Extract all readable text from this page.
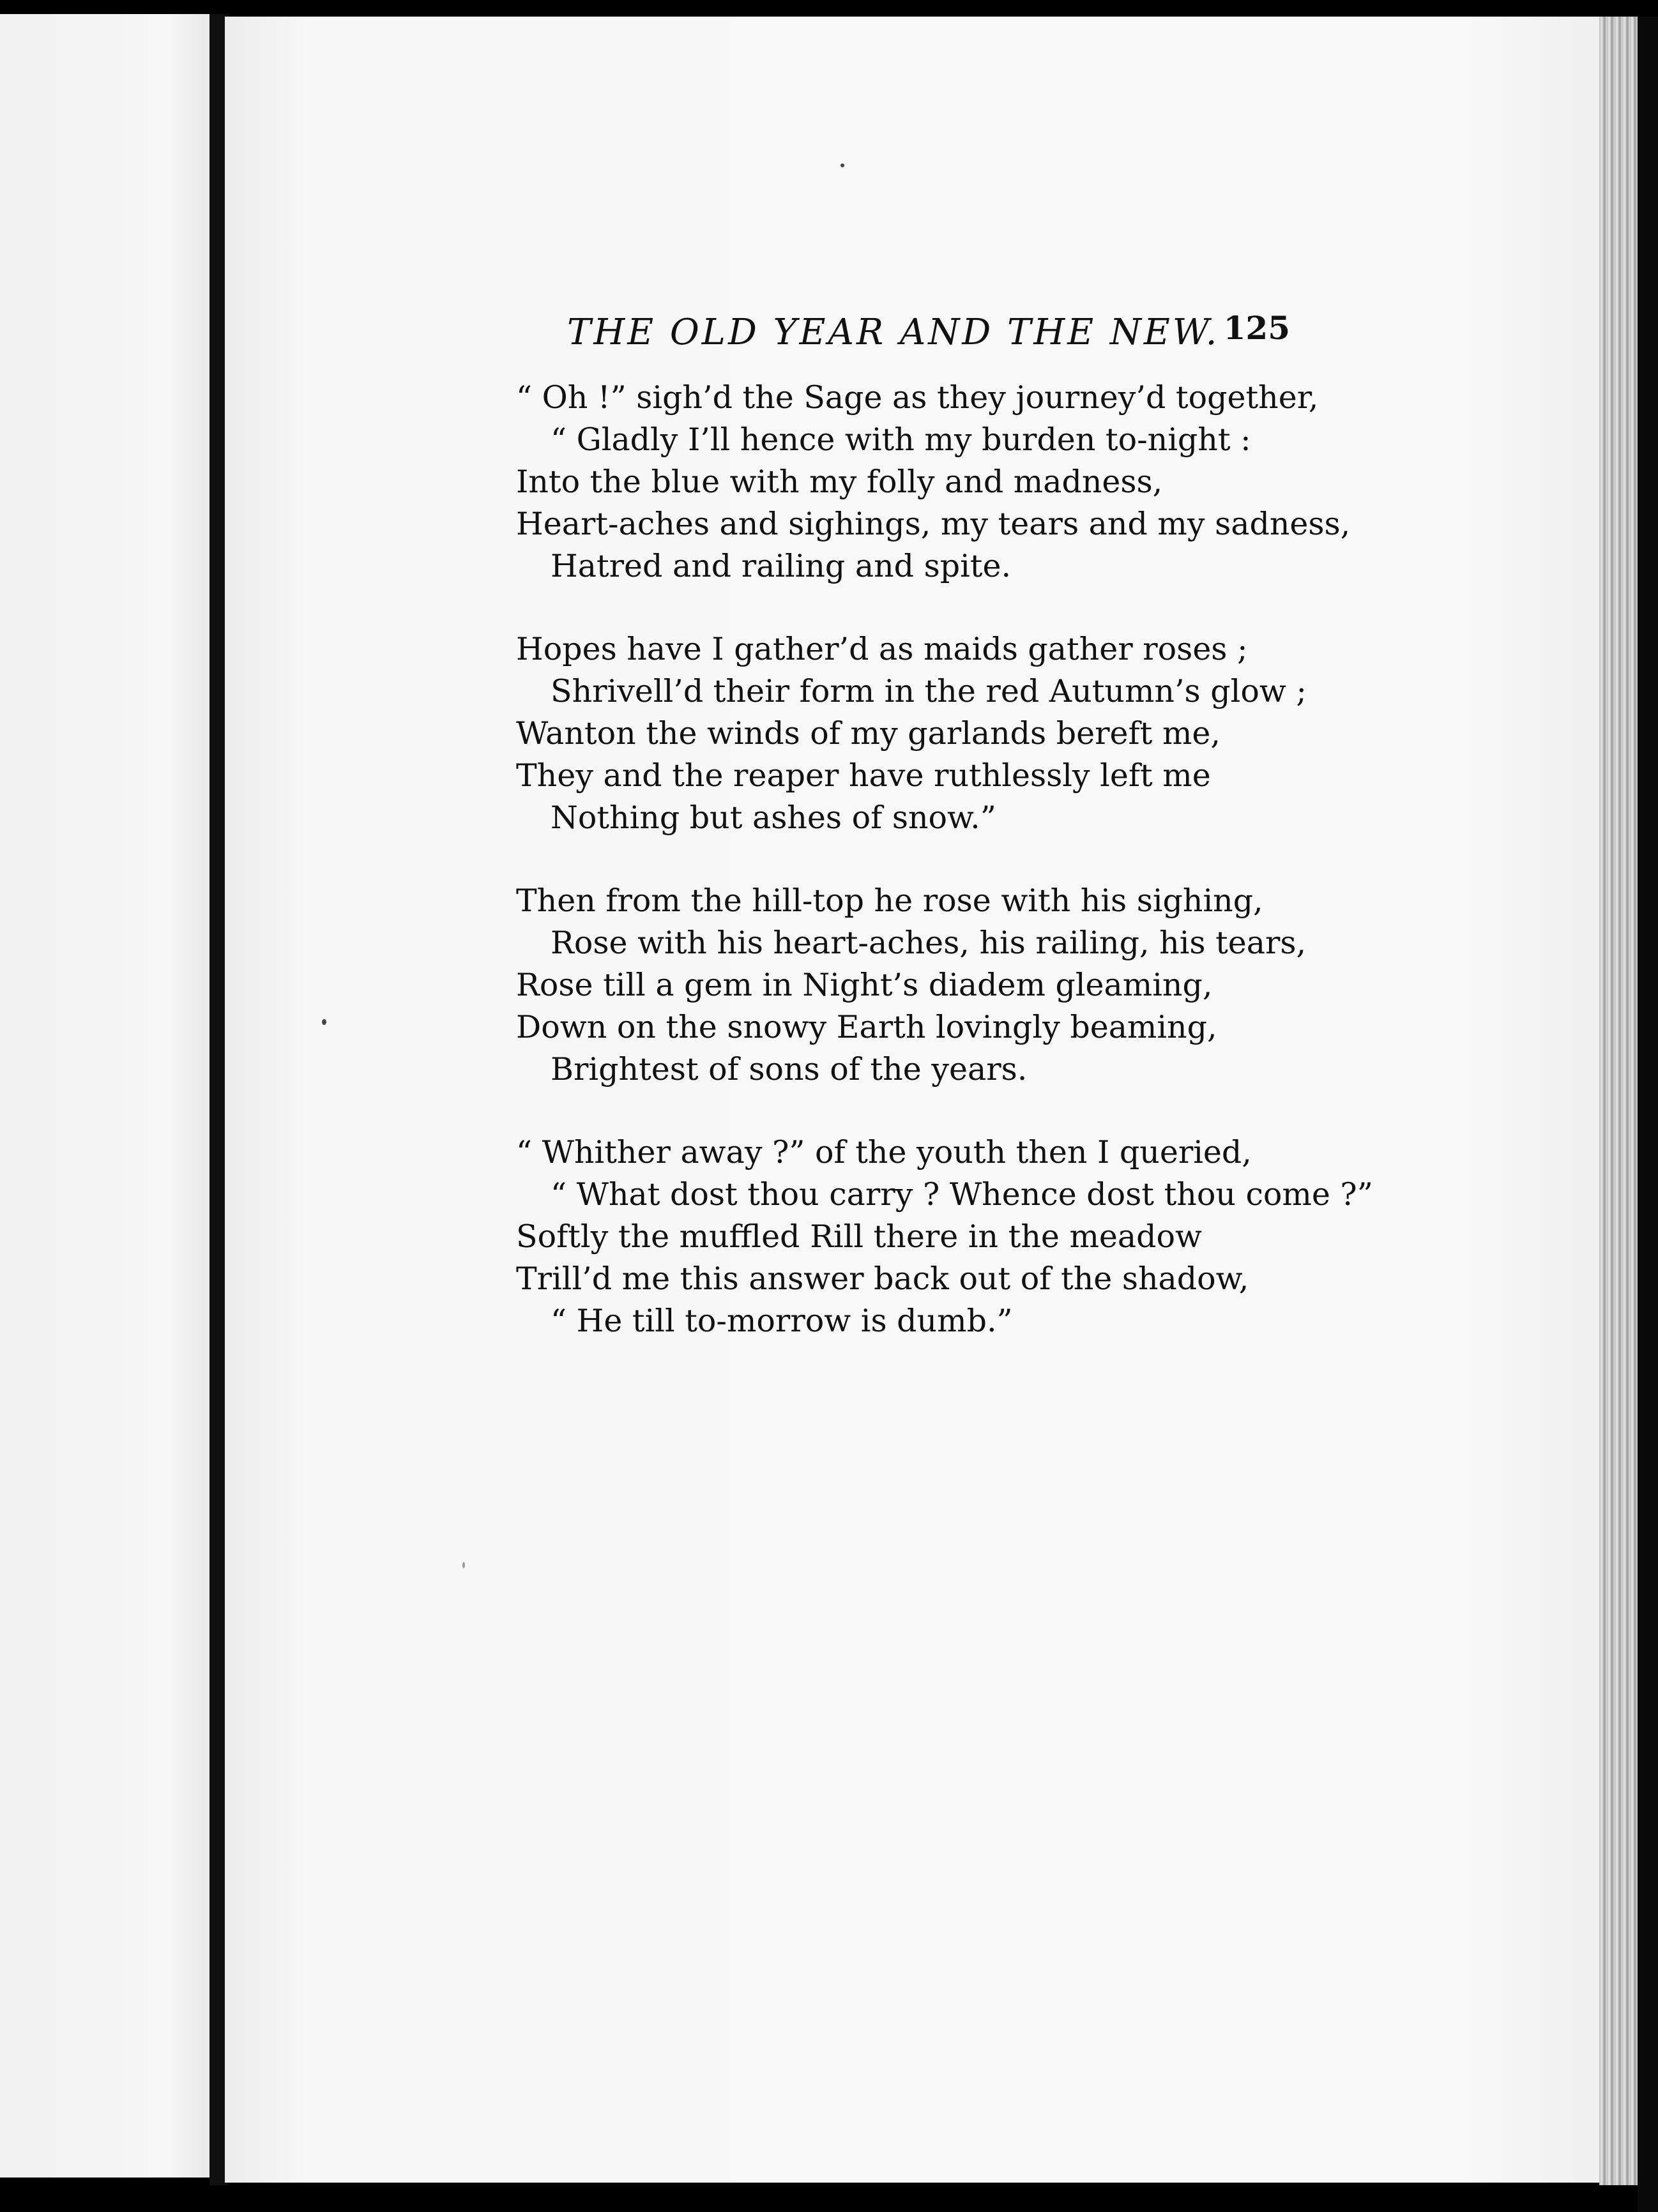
THE OLD YEAR AND THE NEW. 125
“ Oh !” sigh’d the Sage as they journey’d together,
“ Gladly I’ll hence with my burden to-night :
Into the blue with my folly and madness,
Heart-aches and sighings, my tears and my sadness,
Hatred and railing and spite.
Hopes have I gather’d as maids gather roses ;
Shrivell’d their form in the red Autumn’s glow ;
Wanton the winds of my garlands bereft me,
They and the reaper have ruthlessly left me
Nothing but ashes of snow.”
Then from the hill-top he rose with his sighing,
Rose with his heart-aches, his railing, his tears,
Rose till a gem in Night’s diadem gleaming,
Down on the snowy Earth lovingly beaming,
Brightest of sons of the years.
“ Whither away ?” of the youth then I queried,
“ What dost thou carry ? Whence dost thou come ?”
Softly the muffled Rill there in the meadow
Trill’d me this answer back out of the shadow,
“ He till to-morrow is dumb.”
